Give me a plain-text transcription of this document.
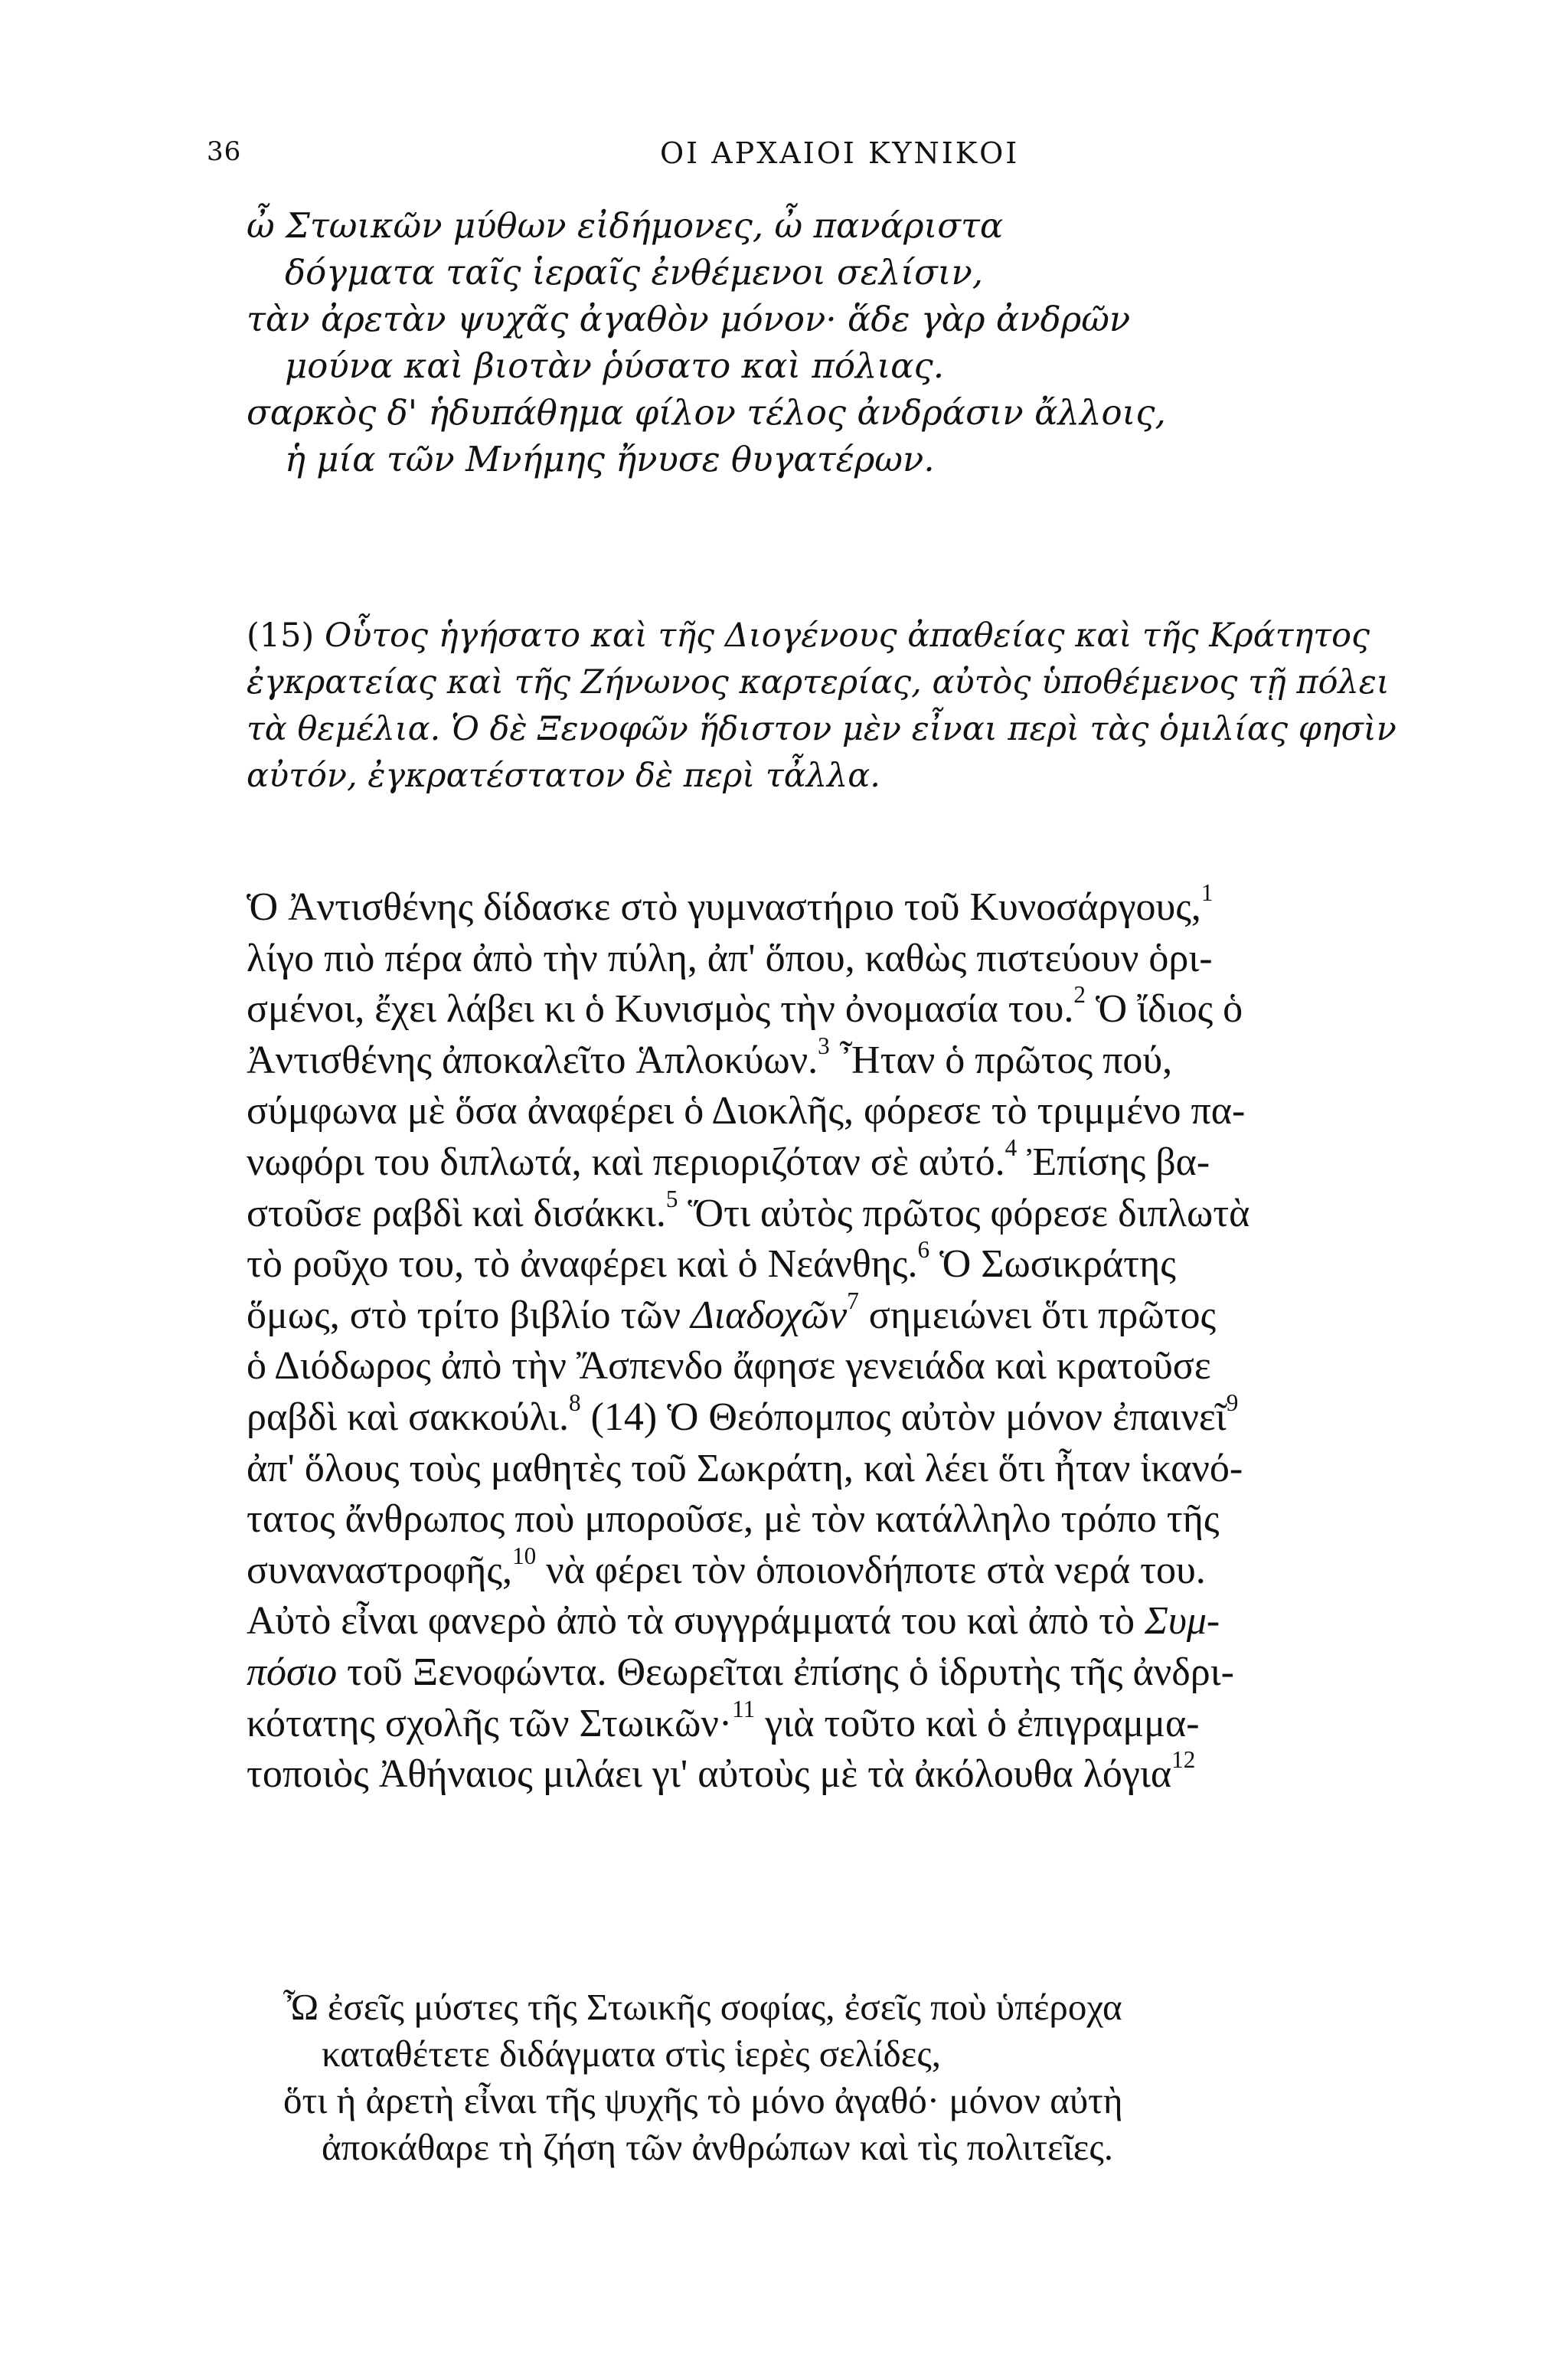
36	ΟΙ ΑΡΧΑΙΟΙ ΚΥΝΙΚΟΙ
ὦ Στωικῶν μύθων εἰδήμονες, ὦ πανάριστα
δόγματα ταῖς ἱεραῖς ἐνθέμενοι σελίσιν,
τὰν ἀρετὰν ψυχᾶς ἀγαθὸν μόνον· ἅδε γὰρ ἀνδρῶν
μούνα καὶ βιοτὰν ῥύσατο καὶ πόλιας.
σαρκὸς δ' ἡδυπάθημα φίλον τέλος ἀνδράσιν ἄλλοις,
ἡ μία τῶν Μνήμης ἤνυσε θυγατέρων.
(15) Οὗτος ἡγήσατο καὶ τῆς Διογένους ἀπαθείας καὶ τῆς Κράτητος
ἐγκρατείας καὶ τῆς Ζήνωνος καρτερίας, αὐτὸς ὑποθέμενος τῇ πόλει
τὰ θεμέλια. Ὁ δὲ Ξενοφῶν ἥδιστον μὲν εἶναι περὶ τὰς ὁμιλίας φησὶν
αὐτόν, ἐγκρατέστατον δὲ περὶ τἆλλα.
Ὁ Ἀντισθένης δίδασκε στὸ γυμναστήριο τοῦ Κυνοσάργους,$^1$
λίγο πιὸ πέρα ἀπὸ τὴν πύλη, ἀπ' ὅπου, καθὼς πιστεύουν ὁρι-
σμένοι, ἔχει λάβει κι ὁ Κυνισμὸς τὴν ὀνομασία του.$^2$ Ὁ ἴδιος ὁ
Ἀντισθένης ἀποκαλεῖτο Ἁπλοκύων.$^3$ Ἦταν ὁ πρῶτος πού,
σύμφωνα μὲ ὅσα ἀναφέρει ὁ Διοκλῆς, φόρεσε τὸ τριμμένο πα-
νωφόρι του διπλωτά, καὶ περιοριζόταν σὲ αὐτό.$^4$ Ἐπίσης βα-
στοῦσε ραβδὶ καὶ δισάκκι.$^5$ Ὅτι αὐτὸς πρῶτος φόρεσε διπλωτὰ
τὸ ροῦχο του, τὸ ἀναφέρει καὶ ὁ Νεάνθης.$^6$ Ὁ Σωσικράτης
ὅμως, στὸ τρίτο βιβλίο τῶν Διαδοχῶν$^7$ σημειώνει ὅτι πρῶτος
ὁ Διόδωρος ἀπὸ τὴν Ἄσπενδο ἄφησε γενειάδα καὶ κρατοῦσε
ραβδὶ καὶ σακκούλι.$^8$ (14) Ὁ Θεόπομπος αὐτὸν μόνον ἐπαινεῖ$^9$
ἀπ' ὅλους τοὺς μαθητὲς τοῦ Σωκράτη, καὶ λέει ὅτι ἦταν ἱκανό-
τατος ἄνθρωπος ποὺ μποροῦσε, μὲ τὸν κατάλληλο τρόπο τῆς
συναναστροφῆς,$^{10}$ νὰ φέρει τὸν ὁποιονδήποτε στὰ νερά του.
Αὐτὸ εἶναι φανερὸ ἀπὸ τὰ συγγράμματά του καὶ ἀπὸ τὸ Συμ-
πόσιο τοῦ Ξενοφώντα. Θεωρεῖται ἐπίσης ὁ ἱδρυτὴς τῆς ἀνδρι-
κότατης σχολῆς τῶν Στωικῶν·$^{11}$ γιὰ τοῦτο καὶ ὁ ἐπιγραμμα-
τοποιὸς Ἀθήναιος μιλάει γι' αὐτοὺς μὲ τὰ ἀκόλουθα λόγια$^{12}$
Ὦ ἐσεῖς μύστες τῆς Στωικῆς σοφίας, ἐσεῖς ποὺ ὑπέροχα
καταθέτετε διδάγματα στὶς ἱερὲς σελίδες,
ὅτι ἡ ἀρετὴ εἶναι τῆς ψυχῆς τὸ μόνο ἀγαθό· μόνον αὐτὴ
ἀποκάθαρε τὴ ζήση τῶν ἀνθρώπων καὶ τὶς πολιτεῖες.
